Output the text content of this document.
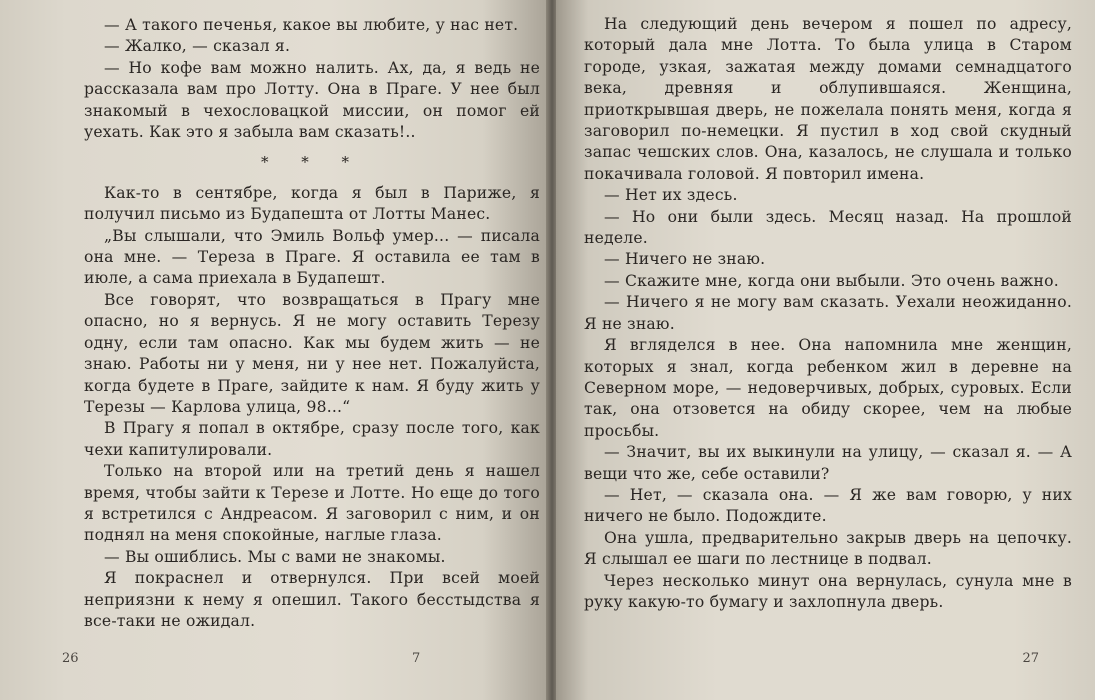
— А такого печенья, какое вы любите, у нас нет.

— Жалко, — сказал я.

— Но кофе вам можно налить. Ах, да, я ведь не рассказала вам про Лотту. Она в Праге. У нее был знакомый в чехословацкой миссии, он помог ей уехать. Как это я забыла вам сказать!..

* * *

Как-то в сентябре, когда я был в Париже, я получил письмо из Будапешта от Лотты Манес.

„Вы слышали, что Эмиль Вольф умер... — писала она мне. — Тереза в Праге. Я оставила ее там в июле, а сама приехала в Будапешт.

Все говорят, что возвращаться в Прагу мне опасно, но я вернусь. Я не могу оставить Терезу одну, если там опасно. Как мы будем жить — не знаю. Работы ни у меня, ни у нее нет. Пожалуйста, когда будете в Праге, зайдите к нам. Я буду жить у Терезы — Карлова улица, 98...“

В Прагу я попал в октябре, сразу после того, как чехи капитулировали.

Только на второй или на третий день я нашел время, чтобы зайти к Терезе и Лотте. Но еще до того я встретился с Андреасом. Я заговорил с ним, и он поднял на меня спокойные, наглые глаза.

— Вы ошиблись. Мы с вами не знакомы.

Я покраснел и отвернулся. При всей моей неприязни к нему я опешил. Такого бесстыдства я все-таки не ожидал.

26	7

На следующий день вечером я пошел по адресу, который дала мне Лотта. То была улица в Старом городе, узкая, зажатая между домами семнадцатого века, древняя и облупившаяся. Женщина, приоткрывшая дверь, не пожелала понять меня, когда я заговорил по-немецки. Я пустил в ход свой скудный запас чешских слов. Она, казалось, не слушала и только покачивала головой. Я повторил имена.

— Нет их здесь.

— Но они были здесь. Месяц назад. На прошлой неделе.

— Ничего не знаю.

— Скажите мне, когда они выбыли. Это очень важно.

— Ничего я не могу вам сказать. Уехали неожиданно. Я не знаю.

Я вгляделся в нее. Она напомнила мне женщин, которых я знал, когда ребенком жил в деревне на Северном море, — недоверчивых, добрых, суровых. Если так, она отзовется на обиду скорее, чем на любые просьбы.

— Значит, вы их выкинули на улицу, — сказал я. — А вещи что же, себе оставили?

— Нет, — сказала она. — Я же вам говорю, у них ничего не было. Подождите.

Она ушла, предварительно закрыв дверь на цепочку. Я слышал ее шаги по лестнице в подвал.

Через несколько минут она вернулась, сунула мне в руку какую-то бумагу и захлопнула дверь.

27
